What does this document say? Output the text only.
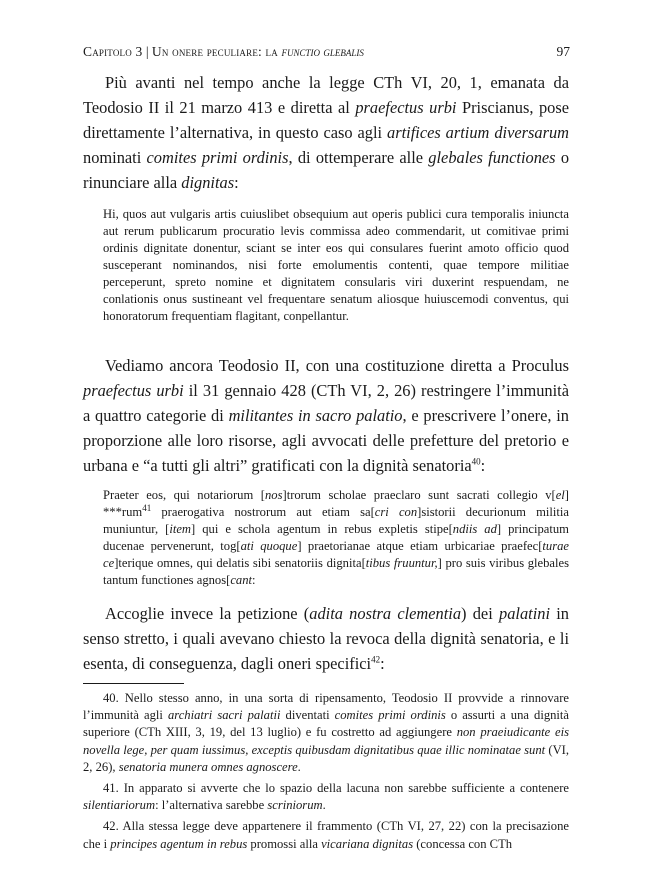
Capitolo 3 | Un onere peculiare: la functio glebalis	97

Più avanti nel tempo anche la legge CTh VI, 20, 1, emanata da Teodosio II il 21 marzo 413 e diretta al praefectus urbi Priscianus, pose direttamente l’alternativa, in questo caso agli artifices artium diversarum nominati comites primi ordinis, di ottemperare alle glebales functiones o rinunciare alla dignitas:

Hi, quos aut vulgaris artis cuiuslibet obsequium aut operis publici cura temporalis iniuncta aut rerum publicarum procuratio levis commissa adeo commendarit, ut comitivae primi ordinis dignitate donentur, sciant se inter eos qui consulares fuerint amoto officio quod susceperant nominandos, nisi forte emolumentis contenti, quae tempore militiae perceperunt, spreto nomine et dignitatem consularis viri duxerint respuendam, ne conlationis onus sustineant vel frequentare senatum aliosque huiuscemodi conventus, qui honoratorum frequentiam flagitant, conpellantur.

Vediamo ancora Teodosio II, con una costituzione diretta a Proculus praefectus urbi il 31 gennaio 428 (CTh VI, 2, 26) restringere l’immunità a quattro categorie di militantes in sacro palatio, e prescrivere l’onere, in proporzione alle loro risorse, agli avvocati delle prefetture del pretorio e urbana e “a tutti gli altri” gratificati con la dignità senatoria$^{40}$:

Praeter eos, qui notariorum [nos]trorum scholae praeclaro sunt sacrati collegio v[el] ***rum$^{41}$ praerogativa nostrorum aut etiam sa[cri con]sistorii decurionum militia muniuntur, [item] qui e schola agentum in rebus expletis stipe[ndiis ad] principatum ducenae pervenerunt, tog[ati quoque] praetorianae atque etiam urbicariae praefec[turae ce]terique omnes, qui delatis sibi senatoriis dignita[tibus fruuntur,] pro suis viribus glebales tantum functiones agnos[cant:

Accoglie invece la petizione (adita nostra clementia) dei palatini in senso stretto, i quali avevano chiesto la revoca della dignità senatoria, e li esenta, di conseguenza, dagli oneri specifici$^{42}$:

40. Nello stesso anno, in una sorta di ripensamento, Teodosio II provvide a rinnovare l’immunità agli archiatri sacri palatii diventati comites primi ordinis o assurti a una dignità superiore (CTh XIII, 3, 19, del 13 luglio) e fu costretto ad aggiungere non praeiudicante eis novella lege, per quam iussimus, exceptis quibusdam dignitatibus quae illic nominatae sunt (VI, 2, 26), senatoria munera omnes agnoscere.

41. In apparato si avverte che lo spazio della lacuna non sarebbe sufficiente a contenere silentiariorum: l’alternativa sarebbe scriniorum.

42. Alla stessa legge deve appartenere il frammento (CTh VI, 27, 22) con la precisazione che i principes agentum in rebus promossi alla vicariana dignitas (concessa con CTh
